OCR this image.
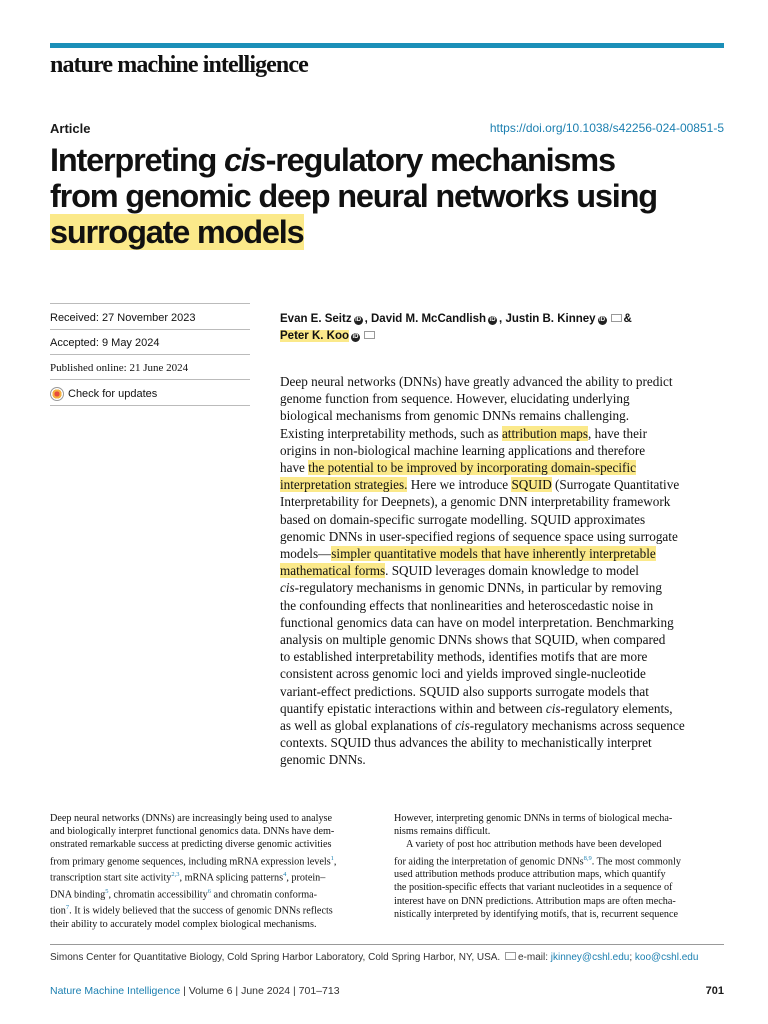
nature machine intelligence
Article	https://doi.org/10.1038/s42256-024-00851-5
Interpreting cis-regulatory mechanisms
from genomic deep neural networks using
surrogate models
Received: 27 November 2023
Accepted: 9 May 2024
Published online: 21 June 2024
Check for updates
Evan E. Seitz iD , David M. McCandlish iD , Justin B. Kinney iD &
Peter K. Koo iD
Deep neural networks (DNNs) have greatly advanced the ability to predict
genome function from sequence. However, elucidating underlying
biological mechanisms from genomic DNNs remains challenging.
Existing interpretability methods, such as attribution maps, have their
origins in non-biological machine learning applications and therefore
have the potential to be improved by incorporating domain-specific
interpretation strategies. Here we introduce SQUID (Surrogate Quantitative
Interpretability for Deepnets), a genomic DNN interpretability framework
based on domain-specific surrogate modelling. SQUID approximates
genomic DNNs in user-specified regions of sequence space using surrogate
models—simpler quantitative models that have inherently interpretable
mathematical forms. SQUID leverages domain knowledge to model
cis-regulatory mechanisms in genomic DNNs, in particular by removing
the confounding effects that nonlinearities and heteroscedastic noise in
functional genomics data can have on model interpretation. Benchmarking
analysis on multiple genomic DNNs shows that SQUID, when compared
to established interpretability methods, identifies motifs that are more
consistent across genomic loci and yields improved single-nucleotide
variant-effect predictions. SQUID also supports surrogate models that
quantify epistatic interactions within and between cis-regulatory elements,
as well as global explanations of cis-regulatory mechanisms across sequence
contexts. SQUID thus advances the ability to mechanistically interpret
genomic DNNs.
Deep neural networks (DNNs) are increasingly being used to analyse
and biologically interpret functional genomics data. DNNs have dem-
onstrated remarkable success at predicting diverse genomic activities
from primary genome sequences, including mRNA expression levels$^1$,
transcription start site activity$^{2,3}$, mRNA splicing patterns$^4$, protein–
DNA binding$^5$, chromatin accessibility$^6$ and chromatin conforma-
tion$^7$. It is widely believed that the success of genomic DNNs reflects
their ability to accurately model complex biological mechanisms.
However, interpreting genomic DNNs in terms of biological mecha-
nisms remains difficult.
A variety of post hoc attribution methods have been developed
for aiding the interpretation of genomic DNNs$^{8,9}$. The most commonly
used attribution methods produce attribution maps, which quantify
the position-specific effects that variant nucleotides in a sequence of
interest have on DNN predictions. Attribution maps are often mecha-
nistically interpreted by identifying motifs, that is, recurrent sequence
Simons Center for Quantitative Biology, Cold Spring Harbor Laboratory, Cold Spring Harbor, NY, USA. e-mail: jkinney@cshl.edu; koo@cshl.edu
Nature Machine Intelligence | Volume 6 | June 2024 | 701–713	701
